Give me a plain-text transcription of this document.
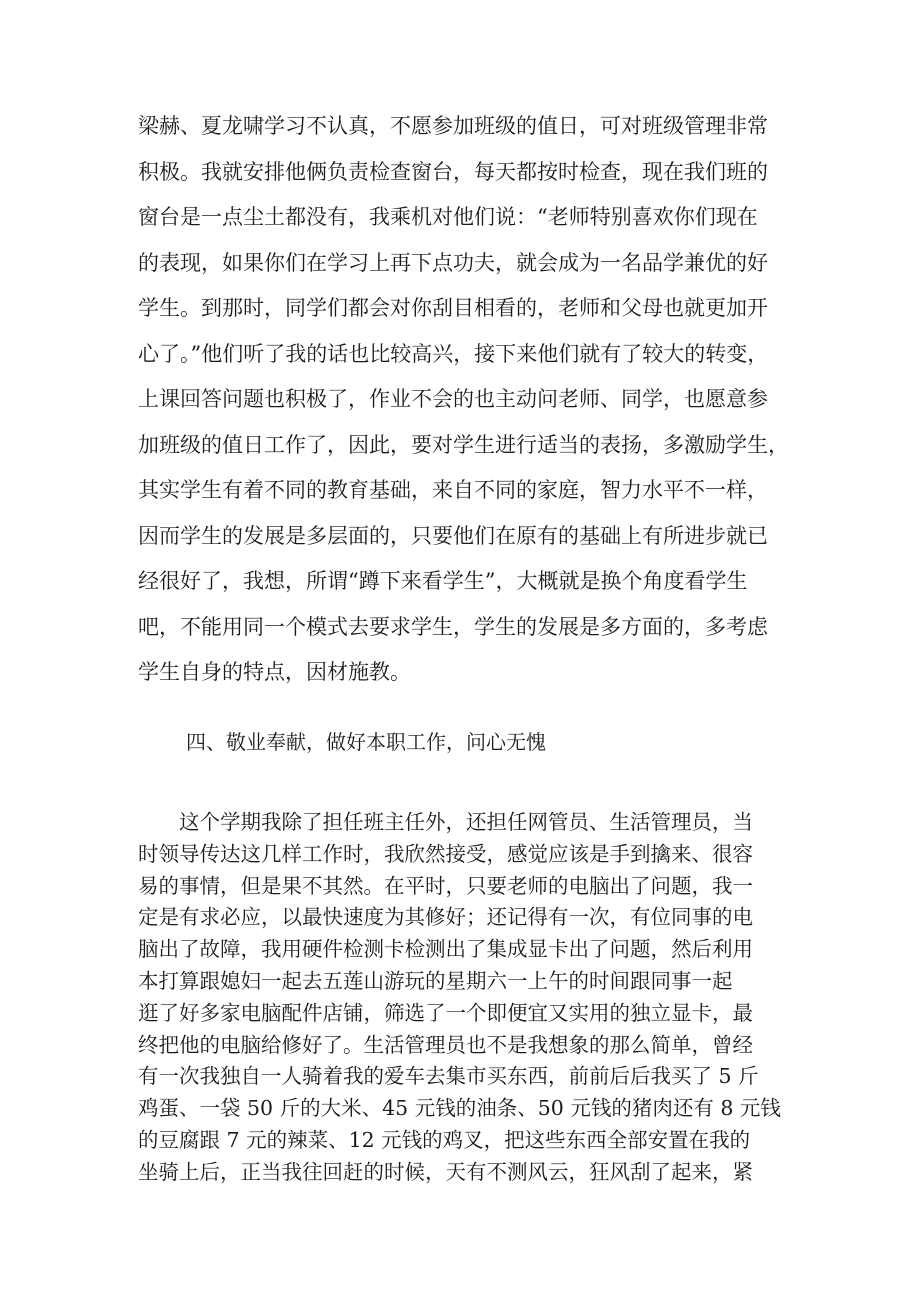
梁赫、夏龙啸学习不认真，不愿参加班级的值日，可对班级管理非常
积极。我就安排他俩负责检查窗台，每天都按时检查，现在我们班的
窗台是一点尘土都没有，我乘机对他们说：“老师特别喜欢你们现在
的表现，如果你们在学习上再下点功夫，就会成为一名品学兼优的好
学生。到那时，同学们都会对你刮目相看的，老师和父母也就更加开
心了。”他们听了我的话也比较高兴，接下来他们就有了较大的转变，
上课回答问题也积极了，作业不会的也主动问老师、同学，也愿意参
加班级的值日工作了，因此，要对学生进行适当的表扬，多激励学生，
其实学生有着不同的教育基础，来自不同的家庭，智力水平不一样，
因而学生的发展是多层面的，只要他们在原有的基础上有所进步就已
经很好了，我想，所谓“蹲下来看学生”，大概就是换个角度看学生
吧，不能用同一个模式去要求学生，学生的发展是多方面的，多考虑
学生自身的特点，因材施教。
四、敬业奉献，做好本职工作，问心无愧
　　这个学期我除了担任班主任外，还担任网管员、生活管理员，当
时领导传达这几样工作时，我欣然接受，感觉应该是手到擒来、很容
易的事情，但是果不其然。在平时，只要老师的电脑出了问题，我一
定是有求必应，以最快速度为其修好；还记得有一次，有位同事的电
脑出了故障，我用硬件检测卡检测出了集成显卡出了问题，然后利用
本打算跟媳妇一起去五莲山游玩的星期六一上午的时间跟同事一起
逛了好多家电脑配件店铺，筛选了一个即便宜又实用的独立显卡，最
终把他的电脑给修好了。生活管理员也不是我想象的那么简单，曾经
有一次我独自一人骑着我的爱车去集市买东西，前前后后我买了 5 斤
鸡蛋、一袋 50 斤的大米、45 元钱的油条、50 元钱的猪肉还有 8 元钱
的豆腐跟 7 元的辣菜、12 元钱的鸡叉，把这些东西全部安置在我的
坐骑上后，正当我往回赶的时候，天有不测风云，狂风刮了起来，紧
